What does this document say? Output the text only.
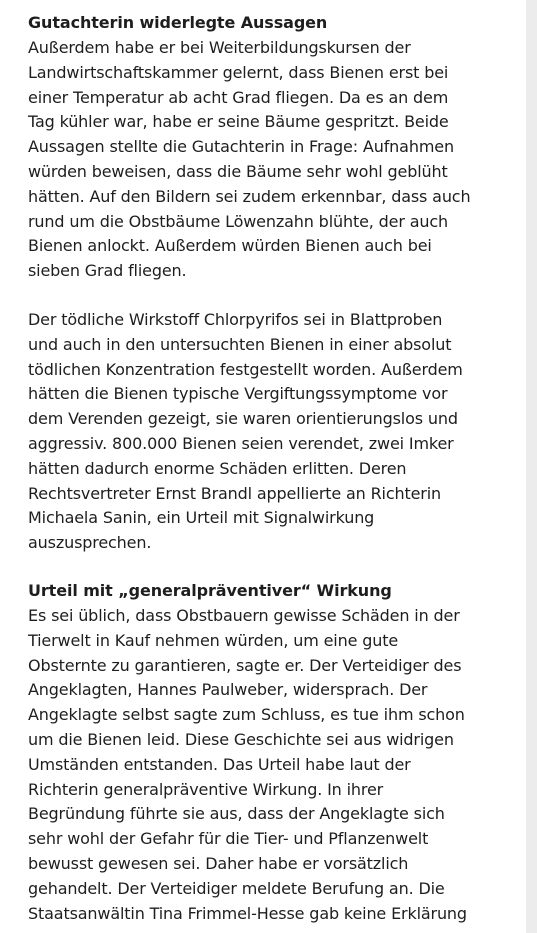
Gutachterin widerlegte Aussagen

Außerdem habe er bei Weiterbildungskursen der

Landwirtschaftskammer gelernt, dass Bienen erst bei

einer Temperatur ab acht Grad fliegen. Da es an dem

Tag kühler war, habe er seine Bäume gespritzt. Beide

Aussagen stellte die Gutachterin in Frage: Aufnahmen

würden beweisen, dass die Bäume sehr wohl geblüht

hätten. Auf den Bildern sei zudem erkennbar, dass auch

rund um die Obstbäume Löwenzahn blühte, der auch

Bienen anlockt. Außerdem würden Bienen auch bei

sieben Grad fliegen.

Der tödliche Wirkstoff Chlorpyrifos sei in Blattproben

und auch in den untersuchten Bienen in einer absolut

tödlichen Konzentration festgestellt worden. Außerdem

hätten die Bienen typische Vergiftungssymptome vor

dem Verenden gezeigt, sie waren orientierungslos und

aggressiv. 800.000 Bienen seien verendet, zwei Imker

hätten dadurch enorme Schäden erlitten. Deren

Rechtsvertreter Ernst Brandl appellierte an Richterin

Michaela Sanin, ein Urteil mit Signalwirkung

auszusprechen.

Urteil mit „generalpräventiver“ Wirkung

Es sei üblich, dass Obstbauern gewisse Schäden in der

Tierwelt in Kauf nehmen würden, um eine gute

Obsternte zu garantieren, sagte er. Der Verteidiger des

Angeklagten, Hannes Paulweber, widersprach. Der

Angeklagte selbst sagte zum Schluss, es tue ihm schon

um die Bienen leid. Diese Geschichte sei aus widrigen

Umständen entstanden. Das Urteil habe laut der

Richterin generalpräventive Wirkung. In ihrer

Begründung führte sie aus, dass der Angeklagte sich

sehr wohl der Gefahr für die Tier- und Pflanzenwelt

bewusst gewesen sei. Daher habe er vorsätzlich

gehandelt. Der Verteidiger meldete Berufung an. Die

Staatsanwältin Tina Frimmel-Hesse gab keine Erklärung
